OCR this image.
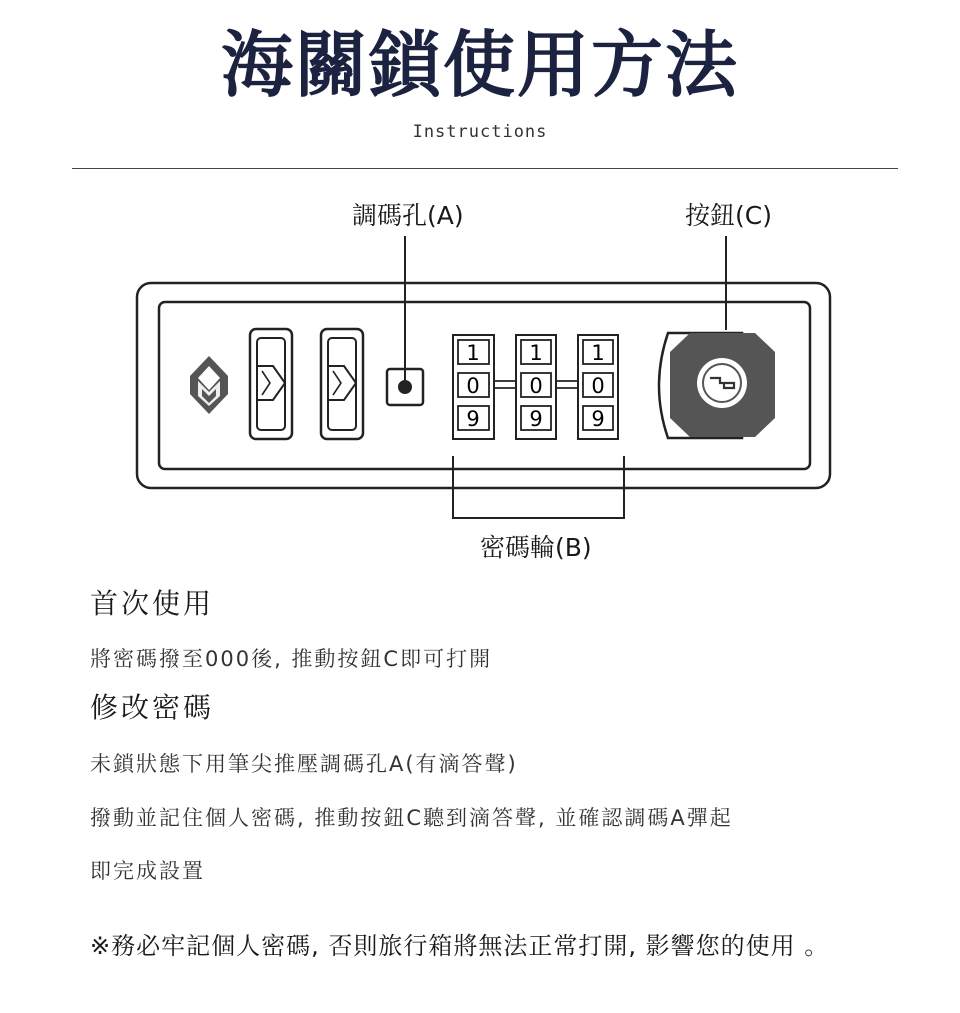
海關鎖使用方法
Instructions
1
0
9
1
0
9
1
0
9
調碼孔(A)	按鈕(C)
密碼輪(B)
首次使用
將密碼撥至000後, 推動按鈕C即可打開
修改密碼
未鎖狀態下用筆尖推壓調碼孔A(有滴答聲)
撥動並記住個人密碼, 推動按鈕C聽到滴答聲, 並確認調碼A彈起
即完成設置
※務必牢記個人密碼, 否則旅行箱將無法正常打開, 影響您的使用 。
